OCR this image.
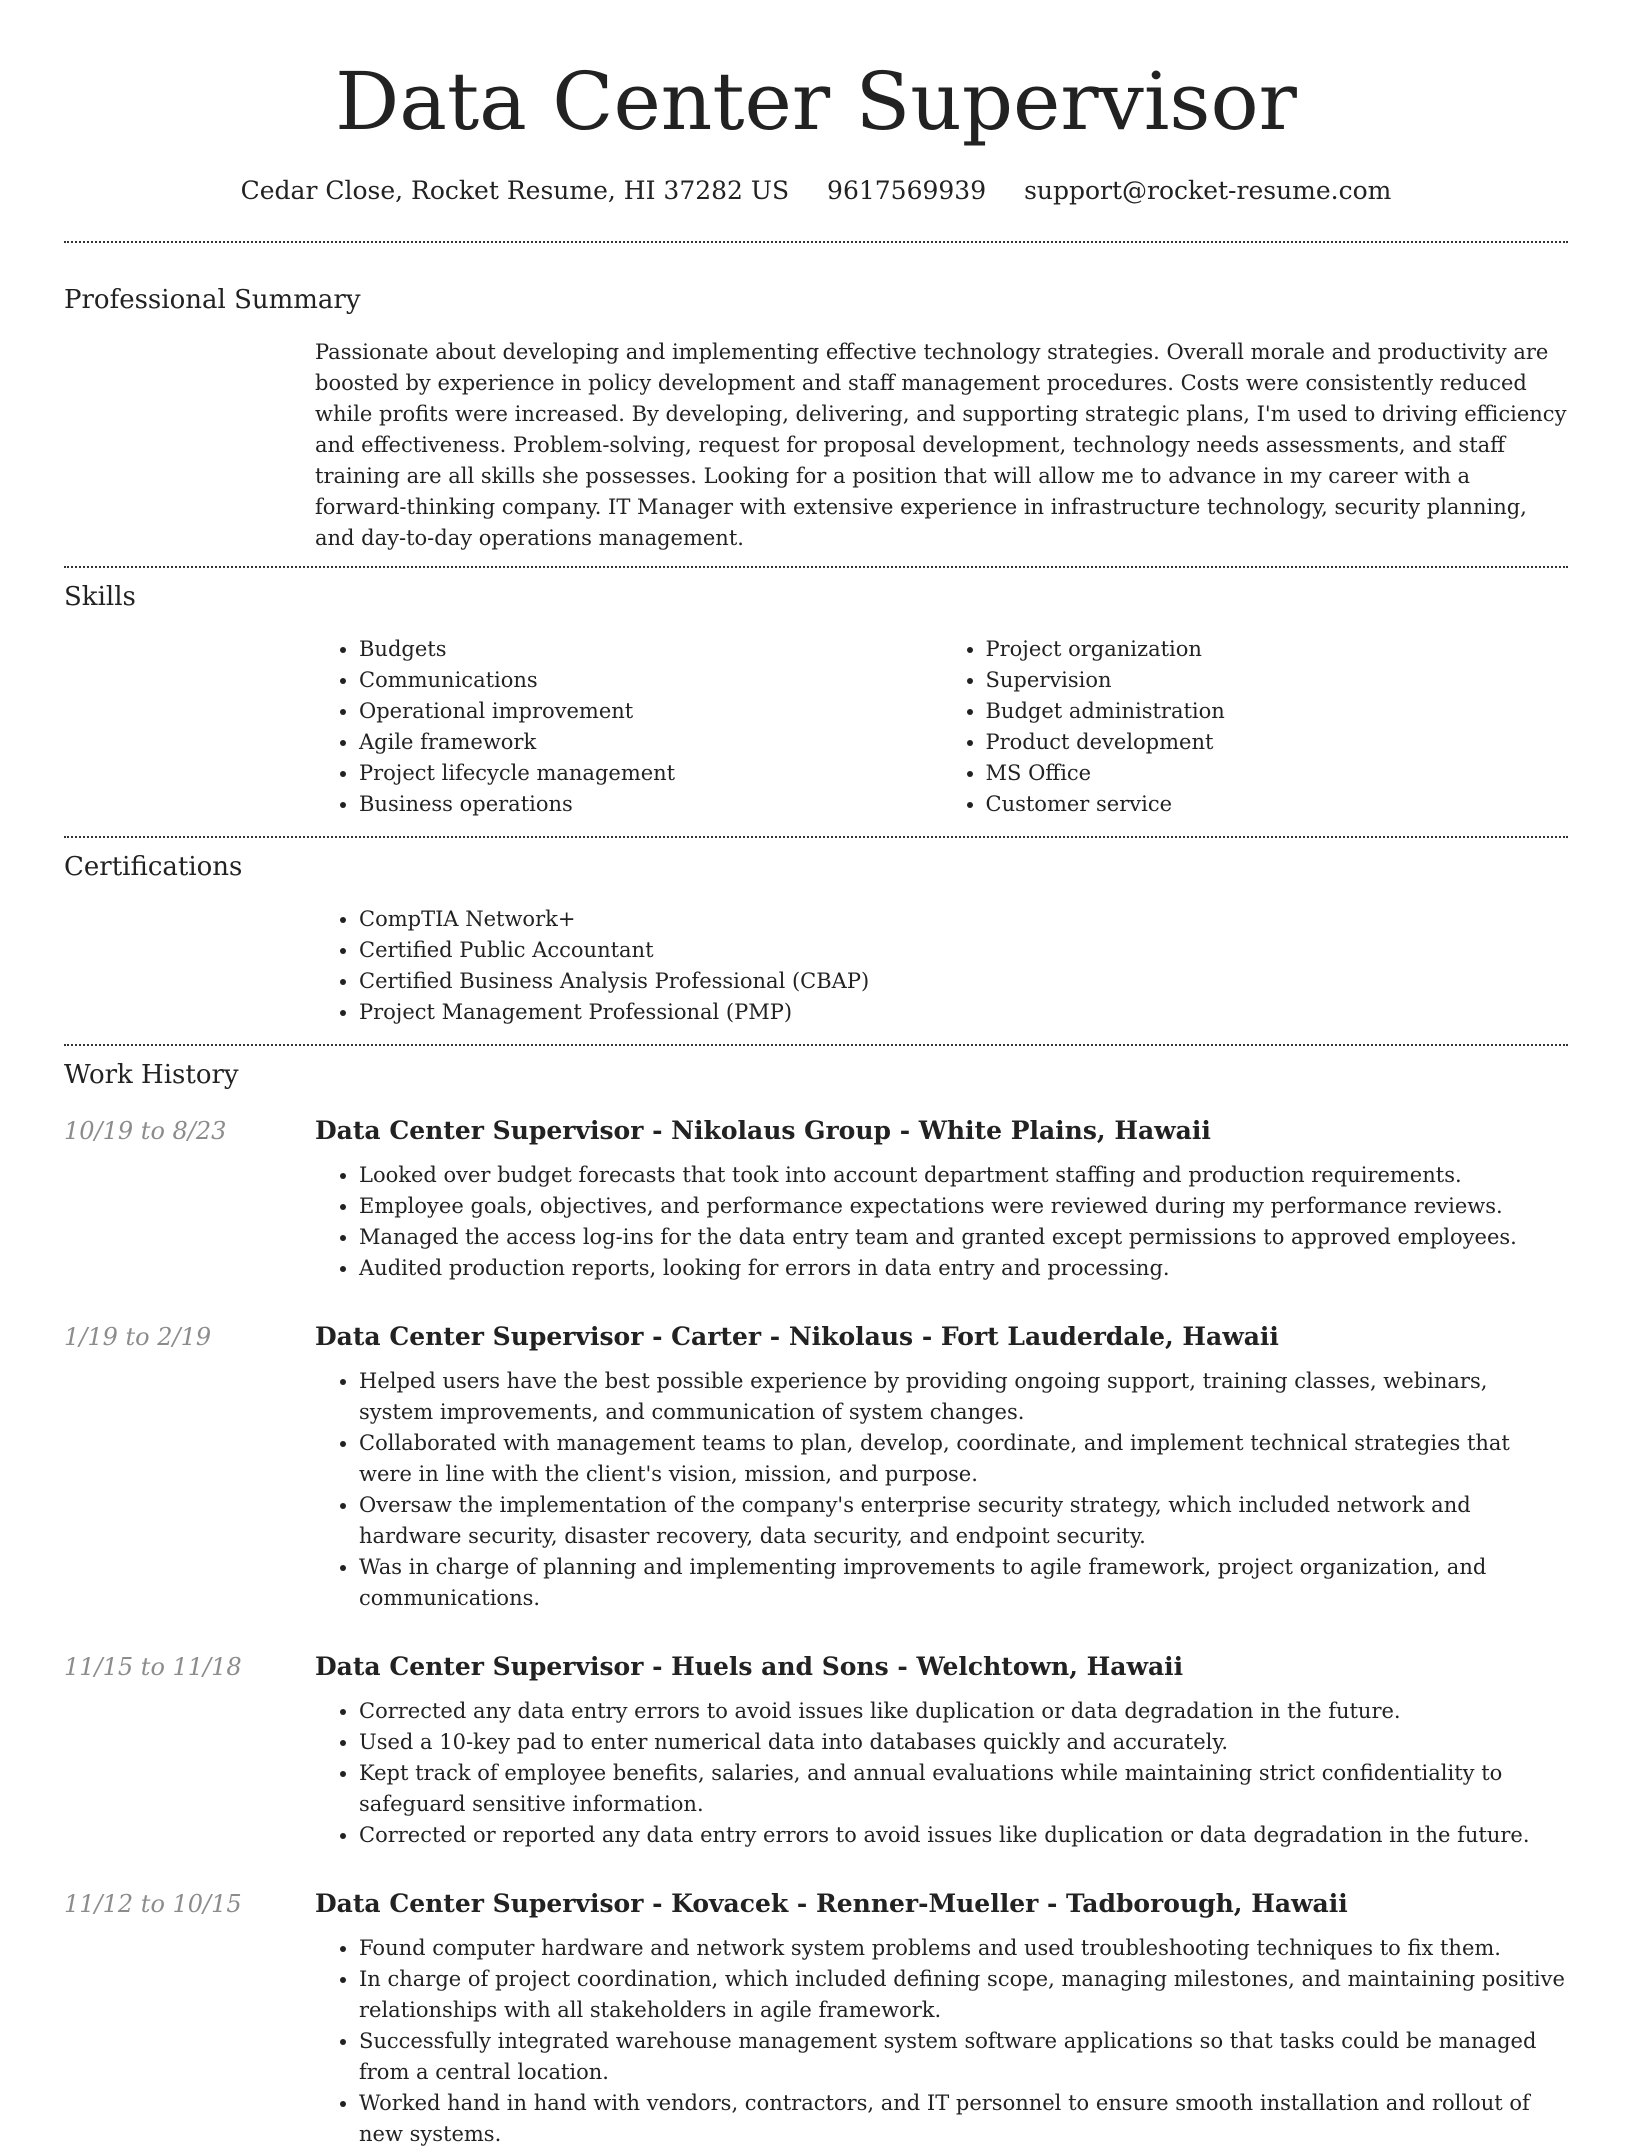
Data Center Supervisor
Cedar Close, Rocket Resume, HI 37282 US 9617569939 support@rocket-resume.com
Professional Summary

Passionate about developing and implementing effective technology strategies. Overall morale and productivity are boosted by experience in policy development and staff management procedures. Costs were consistently reduced while profits were increased. By developing, delivering, and supporting strategic plans, I'm used to driving efficiency and effectiveness. Problem-solving, request for proposal development, technology needs assessments, and staff training are all skills she possesses. Looking for a position that will allow me to advance in my career with a forward-thinking company. IT Manager with extensive experience in infrastructure technology, security planning, and day-to-day operations management.

Skills
• Budgets
• Communications
• Operational improvement
• Agile framework
• Project lifecycle management
• Business operations
• Project organization
• Supervision
• Budget administration
• Product development
• MS Office
• Customer service
Certifications
• CompTIA Network+
• Certified Public Accountant
• Certified Business Analysis Professional (CBAP)
• Project Management Professional (PMP)
Work History
10/19 to 8/23	Data Center Supervisor - Nikolaus Group - White Plains, Hawaii
• Looked over budget forecasts that took into account department staffing and production requirements.
• Employee goals, objectives, and performance expectations were reviewed during my performance reviews.
• Managed the access log-ins for the data entry team and granted except permissions to approved employees.
• Audited production reports, looking for errors in data entry and processing.
1/19 to 2/19	Data Center Supervisor - Carter - Nikolaus - Fort Lauderdale, Hawaii
• Helped users have the best possible experience by providing ongoing support, training classes, webinars, system improvements, and communication of system changes.
• Collaborated with management teams to plan, develop, coordinate, and implement technical strategies that were in line with the client's vision, mission, and purpose.
• Oversaw the implementation of the company's enterprise security strategy, which included network and hardware security, disaster recovery, data security, and endpoint security.
• Was in charge of planning and implementing improvements to agile framework, project organization, and communications.
11/15 to 11/18	Data Center Supervisor - Huels and Sons - Welchtown, Hawaii
• Corrected any data entry errors to avoid issues like duplication or data degradation in the future.
• Used a 10-key pad to enter numerical data into databases quickly and accurately.
• Kept track of employee benefits, salaries, and annual evaluations while maintaining strict confidentiality to safeguard sensitive information.
• Corrected or reported any data entry errors to avoid issues like duplication or data degradation in the future.
11/12 to 10/15	Data Center Supervisor - Kovacek - Renner-Mueller - Tadborough, Hawaii
• Found computer hardware and network system problems and used troubleshooting techniques to fix them.
• In charge of project coordination, which included defining scope, managing milestones, and maintaining positive relationships with all stakeholders in agile framework.
• Successfully integrated warehouse management system software applications so that tasks could be managed from a central location.
• Worked hand in hand with vendors, contractors, and IT personnel to ensure smooth installation and rollout of new systems.
